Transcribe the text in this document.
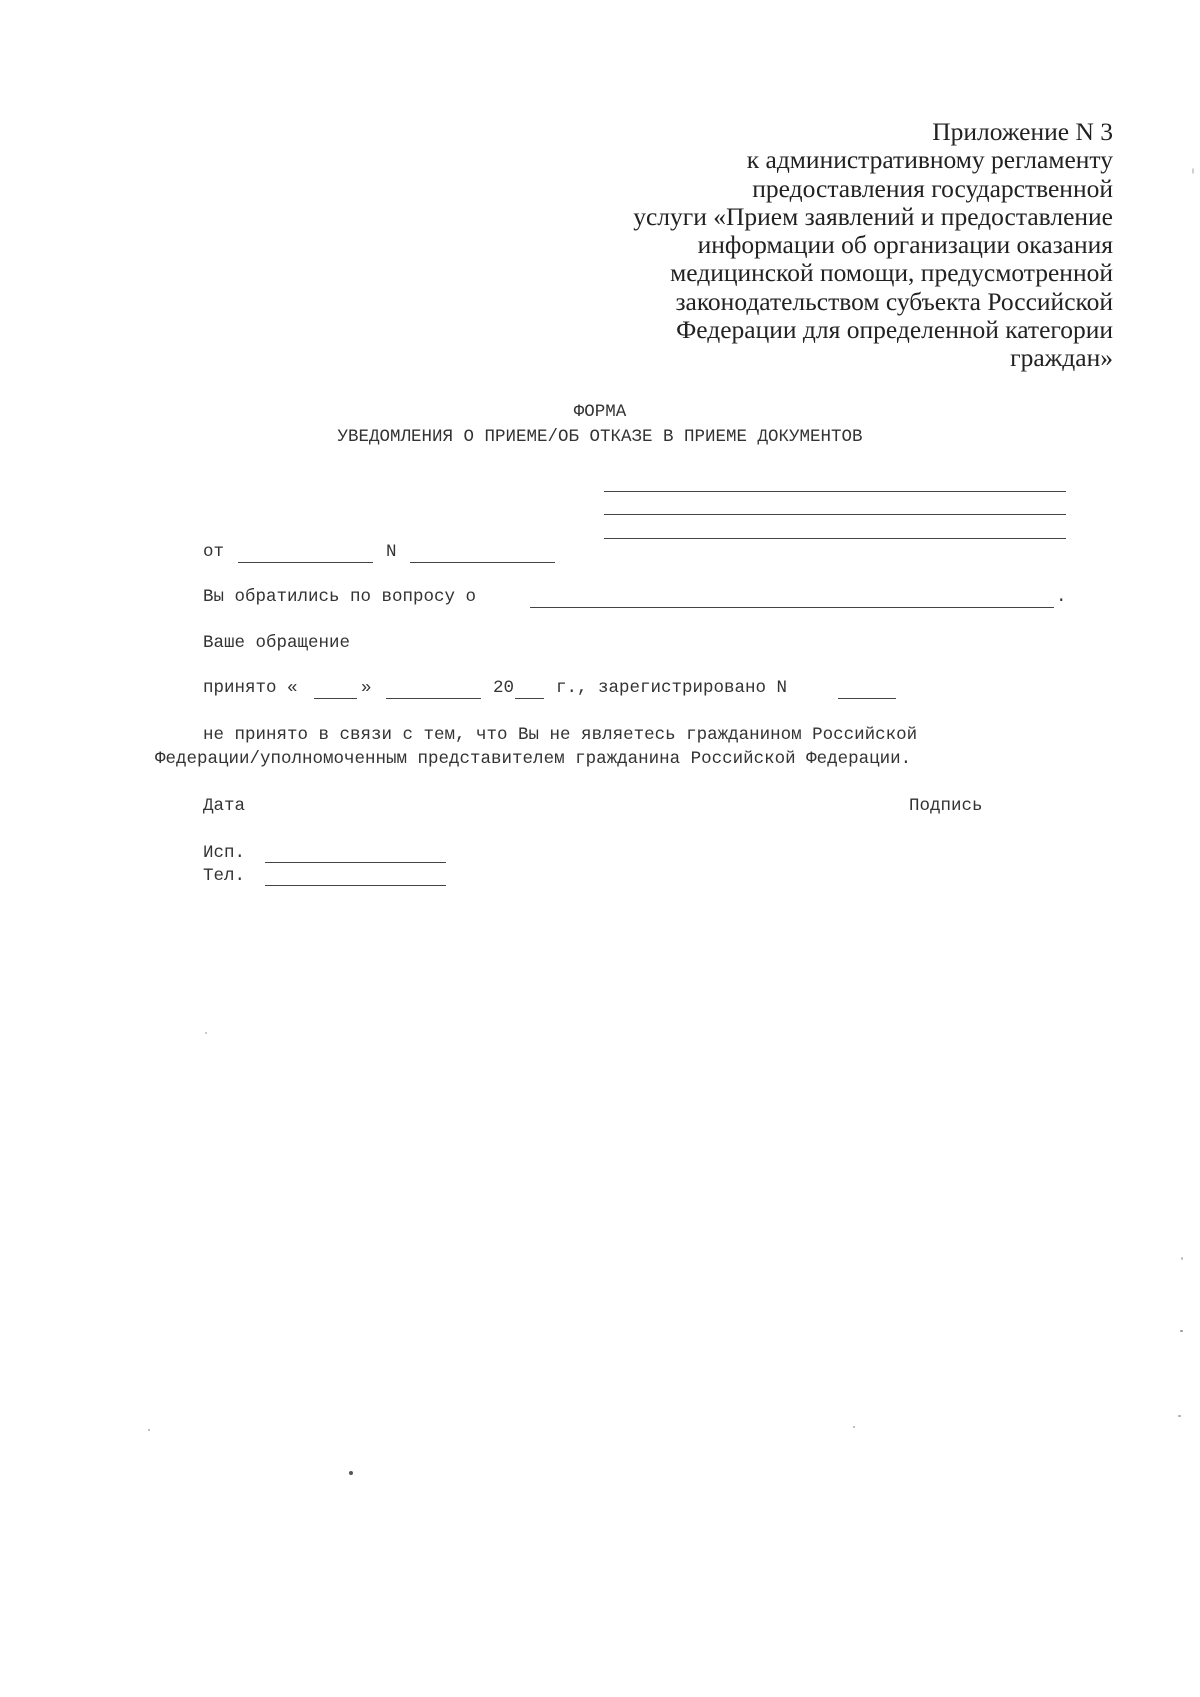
Приложение N 3
к административному регламенту
предоставления государственной
услуги «Прием заявлений и предоставление
информации об организации оказания
медицинской помощи, предусмотренной
законодательством субъекта Российской
Федерации для определенной категории
граждан»
ФОРМА
УВЕДОМЛЕНИЯ О ПРИЕМЕ/ОБ ОТКАЗЕ В ПРИЕМЕ ДОКУМЕНТОВ
от	N
Вы обратились по вопросу о	.
Ваше обращение
принято «	»	20 г., зарегистрировано N
не принято в связи с тем, что Вы не являетесь гражданином Российской
Федерации/уполномоченным представителем гражданина Российской Федерации.
Дата	Подпись
Исп.
Тел.
